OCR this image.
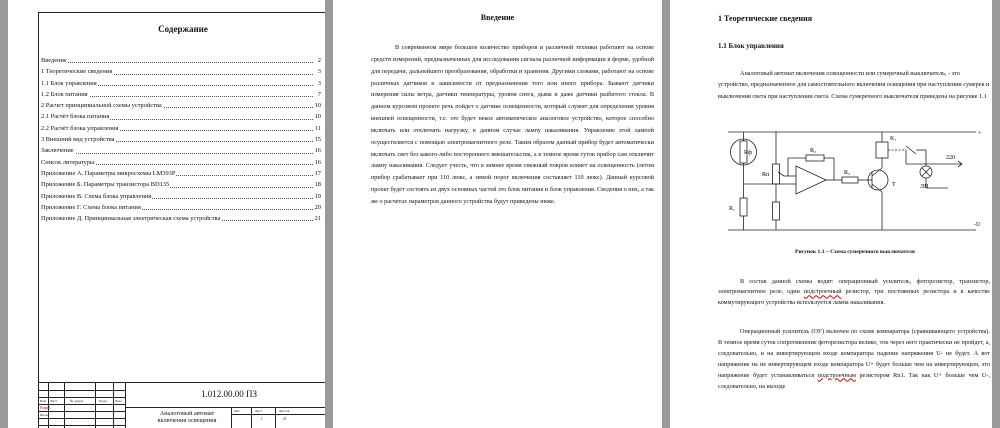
Содержание
Введение	2
1 Теоретические сведения	3
1.1 Блок управления	3
1.2 Блок питания	7
2 Расчет принципиальной схемы устройства	10
2.1 Расчёт блока питания	10
2.2 Расчёт блока управления	11
3 Внешний вид устройства	15
Заключение	16
Список литературы	16
Приложение А. Параметры микросхемы LM393P	17
Приложение Б. Параметры транзистора BD135	18
Приложение В. Схема блока управления	19
Приложение Г. Схема блока питания	20
Приложение Д. Принципиальная электрическая схема устройства	21
Изм Лист	№ докум.	Подп. Дата
Разраб.
Пров.
1.012.00.00 ПЗ
Аналоговый автомат
включения освещения
Лит.	Лист	Листов
1	21
Введение

В современном мире большое количество приборов и различной техники работают на основе средств измерений, предназначенных для исследования сигнала различной информации в форме, удобной для передачи, дальнейшего преобразования, обработки и хранения. Другими словами, работают на основе различных датчиков в зависимости от предназначения того или иного прибора. Бывают датчики измерения силы ветра, датчики температуры, уровня снега, дыма и даже датчики разбитого стекла. В данном курсовом проекте речь пойдет о датчике освещенности, который служит для определения уровня внешней освещенности, т.е. это будет некое автоматическое аналоговое устройство, которое способно включать или отключать нагрузку, в данном случае лампу накаливания. Управление этой лампой осуществляется с помощью электромагнитного реле. Таким образом данный прибор будет автоматически включать свет без какого-либо постороннего вмешательства, а в темное время суток прибор сам отключит лампу накаливания. Следует учесть, что в зимнее время снежный покров влияет на освещенность (летом прибор срабатывает при 110 люкс, а зимой порог включения составляет 110 люкс). Данный курсовой проект будет состоять из двух основных частей это блок питания и блок управления. Сведения о них, а так же о расчетах параметров данного устройства будут приведены ниже.

1 Теоретические сведения
1.1 Блок управления

Аналоговый автомат включения освещенности или сумеречный выключатель, - это устройство, предназначенное для самостоятельного включения освещения при наступлении сумерек и выключения света при наступлении света. Схема сумеречного выключателя приведена на рисунке 1.1

Rф
R₁
Rп
R₂
R₃
K₁
T	ЛН
220
+
-U
Рисунок 1.1 – Схема сумеречного выключателя

В состав данной схемы водят: операционный усилитель, фоторезистор, транзистор, электромагнитное реле, один подстроечный резистор, три постоянных резистора и в качестве коммутирующего устройства используется лампа накаливания.

Операционный усилитель (ОУ) включен по схеме компаратора (сравнивающего устройства). В темное время суток сопротивление фоторезистора велико, ток через него практически не пройдет, а, следовательно, и на инвертирующем входе компаратора падение напряжения U- не будет. А вот напряжение на не инвертирующем входе компаратора U+ будет больше чем на инвертирующем, это напряжение будет устанавливаться подстроечным резистором Rп1. Так как U+ больше чем U-, следовательно, на выходе
